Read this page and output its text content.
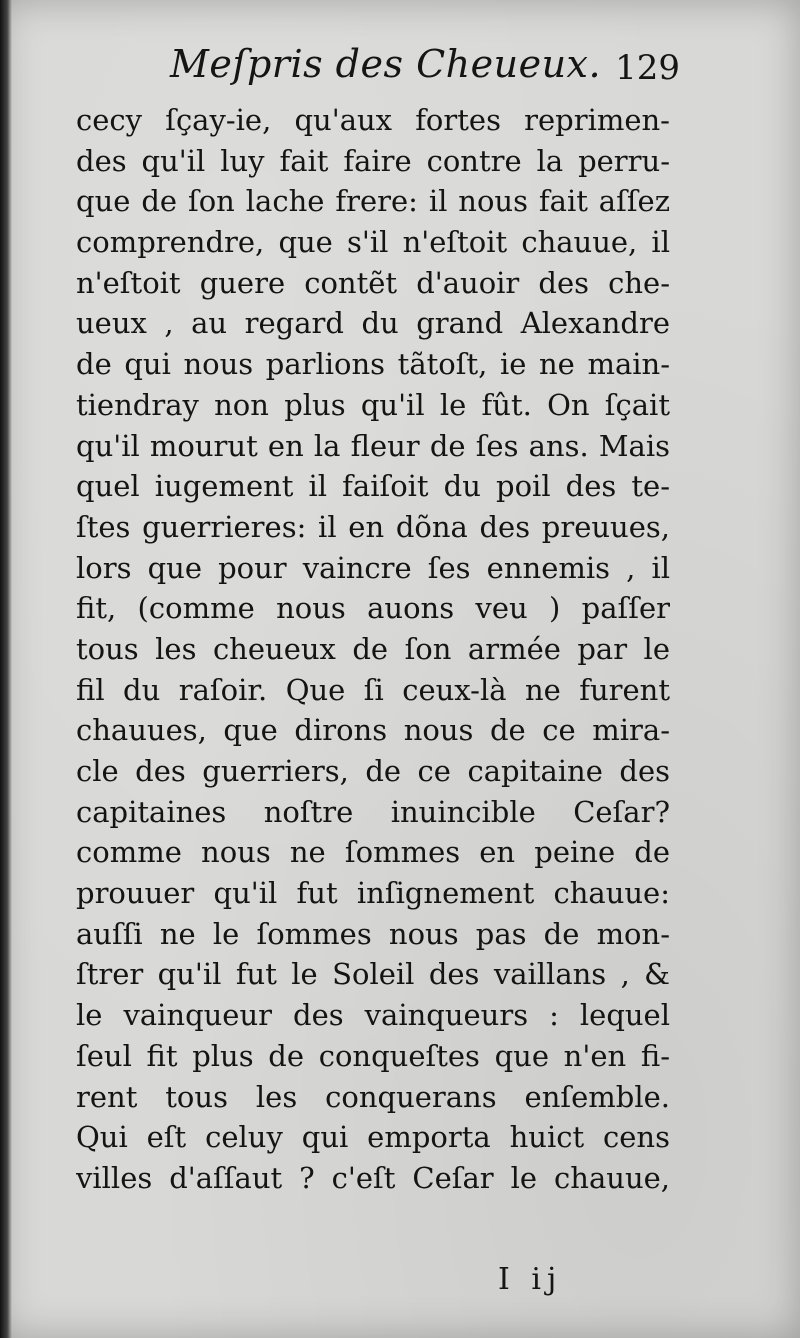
Meſpris des Cheueux. 129
cecy ſçay-ie, qu'aux fortes reprimen-
des qu'il luy fait faire contre la perru-
que de ſon lache frere: il nous fait aſſez
comprendre, que s'il n'eſtoit chauue, il
n'eſtoit guere contẽt d'auoir des che-
ueux , au regard du grand Alexandre
de qui nous parlions tãtoſt, ie ne main-
tiendray non plus qu'il le fût. On ſçait
qu'il mourut en la fleur de ſes ans. Mais
quel iugement il faiſoit du poil des te-
ſtes guerrieres: il en dõna des preuues,
lors que pour vaincre ſes ennemis , il
fit, (comme nous auons veu ) paſſer
tous les cheueux de ſon armée par le
fil du raſoir. Que ſi ceux-là ne furent
chauues, que dirons nous de ce mira-
cle des guerriers, de ce capitaine des
capitaines noſtre inuincible Ceſar?
comme nous ne ſommes en peine de
prouuer qu'il fut inſignement chauue:
auſſi ne le ſommes nous pas de mon-
ſtrer qu'il fut le Soleil des vaillans , &
le vainqueur des vainqueurs : lequel
ſeul fit plus de conqueſtes que n'en fi-
rent tous les conquerans enſemble.
Qui eſt celuy qui emporta huict cens
villes d'aſſaut ? c'eſt Ceſar le chauue,
I ij
